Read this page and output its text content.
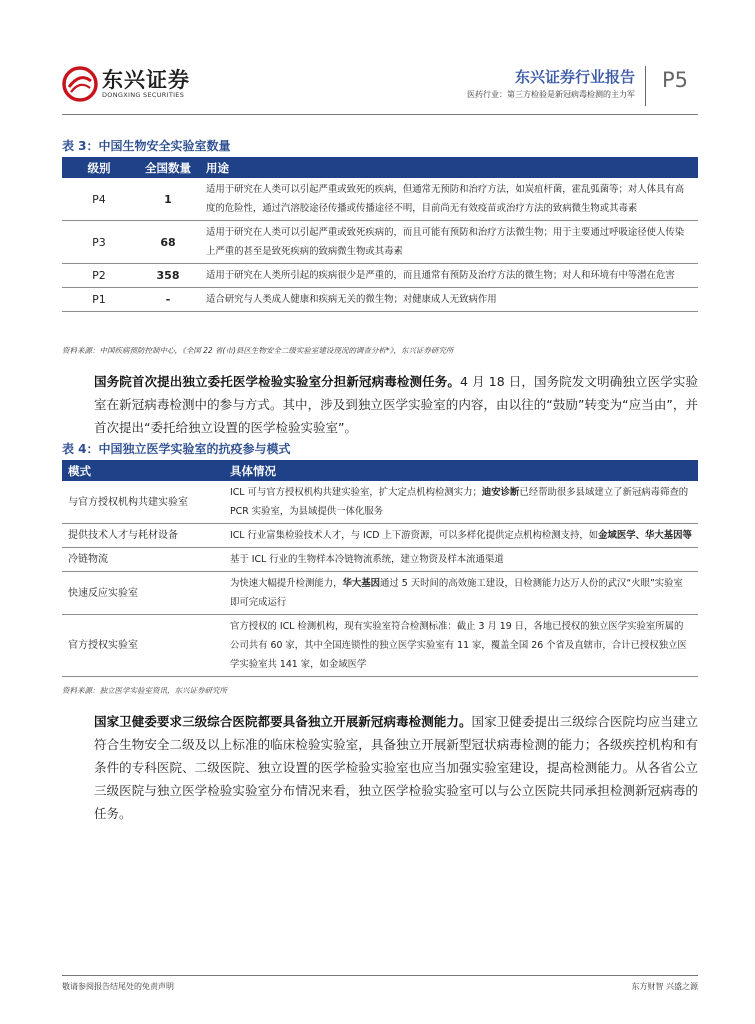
东兴证券
DONGXING SECURITIES
东兴证券行业报告
医药行业：第三方检验是新冠病毒检测的主力军
P5
表 3：中国生物安全实验室数量
级别	全国数量	用途
P4	1	适用于研究在人类可以引起严重或致死的疾病，但通常无预防和治疗方法，如炭疽杆菌，霍乱弧菌等；对人体具有高度的危险性，通过汽溶胶途径传播或传播途径不明，目前尚无有效疫苗或治疗方法的致病微生物或其毒素
P3	68	适用于研究在人类可以引起严重或致死疾病的，而且可能有预防和治疗方法微生物；用于主要通过呼吸途径使人传染上严重的甚至是致死疾病的致病微生物或其毒素
P2	358	适用于研究在人类所引起的疾病很少是严重的，而且通常有预防及治疗方法的微生物；对人和环境有中等潜在危害
P1	-	适合研究与人类成人健康和疾病无关的微生物；对健康成人无致病作用
资料来源：中国疾病预防控制中心，《全国 22 省(市)县区生物安全二级实验室建设现况的调查分析*》，东兴证券研究所
国务院首次提出独立委托医学检验实验室分担新冠病毒检测任务。4 月 18 日，国务院发文明确独立医学实验室在新冠病毒检测中的参与方式。其中，涉及到独立医学实验室的内容，由以往的“鼓励”转变为“应当由”，并首次提出“委托给独立设置的医学检验实验室”。
表 4：中国独立医学实验室的抗疫参与模式
模式	具体情况
与官方授权机构共建实验室	ICL 可与官方授权机构共建实验室，扩大定点机构检测实力；迪安诊断已经帮助很多县域建立了新冠病毒筛查的 PCR 实验室，为县域提供一体化服务
提供技术人才与耗材设备	ICL 行业富集检验技术人才，与 ICD 上下游资源，可以多样化提供定点机构检测支持，如金域医学、华大基因等
冷链物流	基于 ICL 行业的生物样本冷链物流系统，建立物资及样本流通渠道
快速反应实验室	为快速大幅提升检测能力，华大基因通过 5 天时间的高效施工建设，日检测能力达万人份的武汉“火眼”实验室即可完成运行
官方授权实验室	官方授权的 ICL 检测机构，现有实验室符合检测标准：截止 3 月 19 日，各地已授权的独立医学实验室所属的公司共有 60 家，其中全国连锁性的独立医学实验室有 11 家，覆盖全国 26 个省及直辖市，合计已授权独立医学实验室共 141 家，如金域医学
资料来源：独立医学实验室资讯，东兴证券研究所
国家卫健委要求三级综合医院都要具备独立开展新冠病毒检测能力。国家卫健委提出三级综合医院均应当建立符合生物安全二级及以上标准的临床检验实验室，具备独立开展新型冠状病毒检测的能力；各级疾控机构和有条件的专科医院、二级医院、独立设置的医学检验实验室也应当加强实验室建设，提高检测能力。从各省公立三级医院与独立医学检验实验室分布情况来看，独立医学检验实验室可以与公立医院共同承担检测新冠病毒的任务。
敬请参阅报告结尾处的免责声明	东方财智 兴盛之源
